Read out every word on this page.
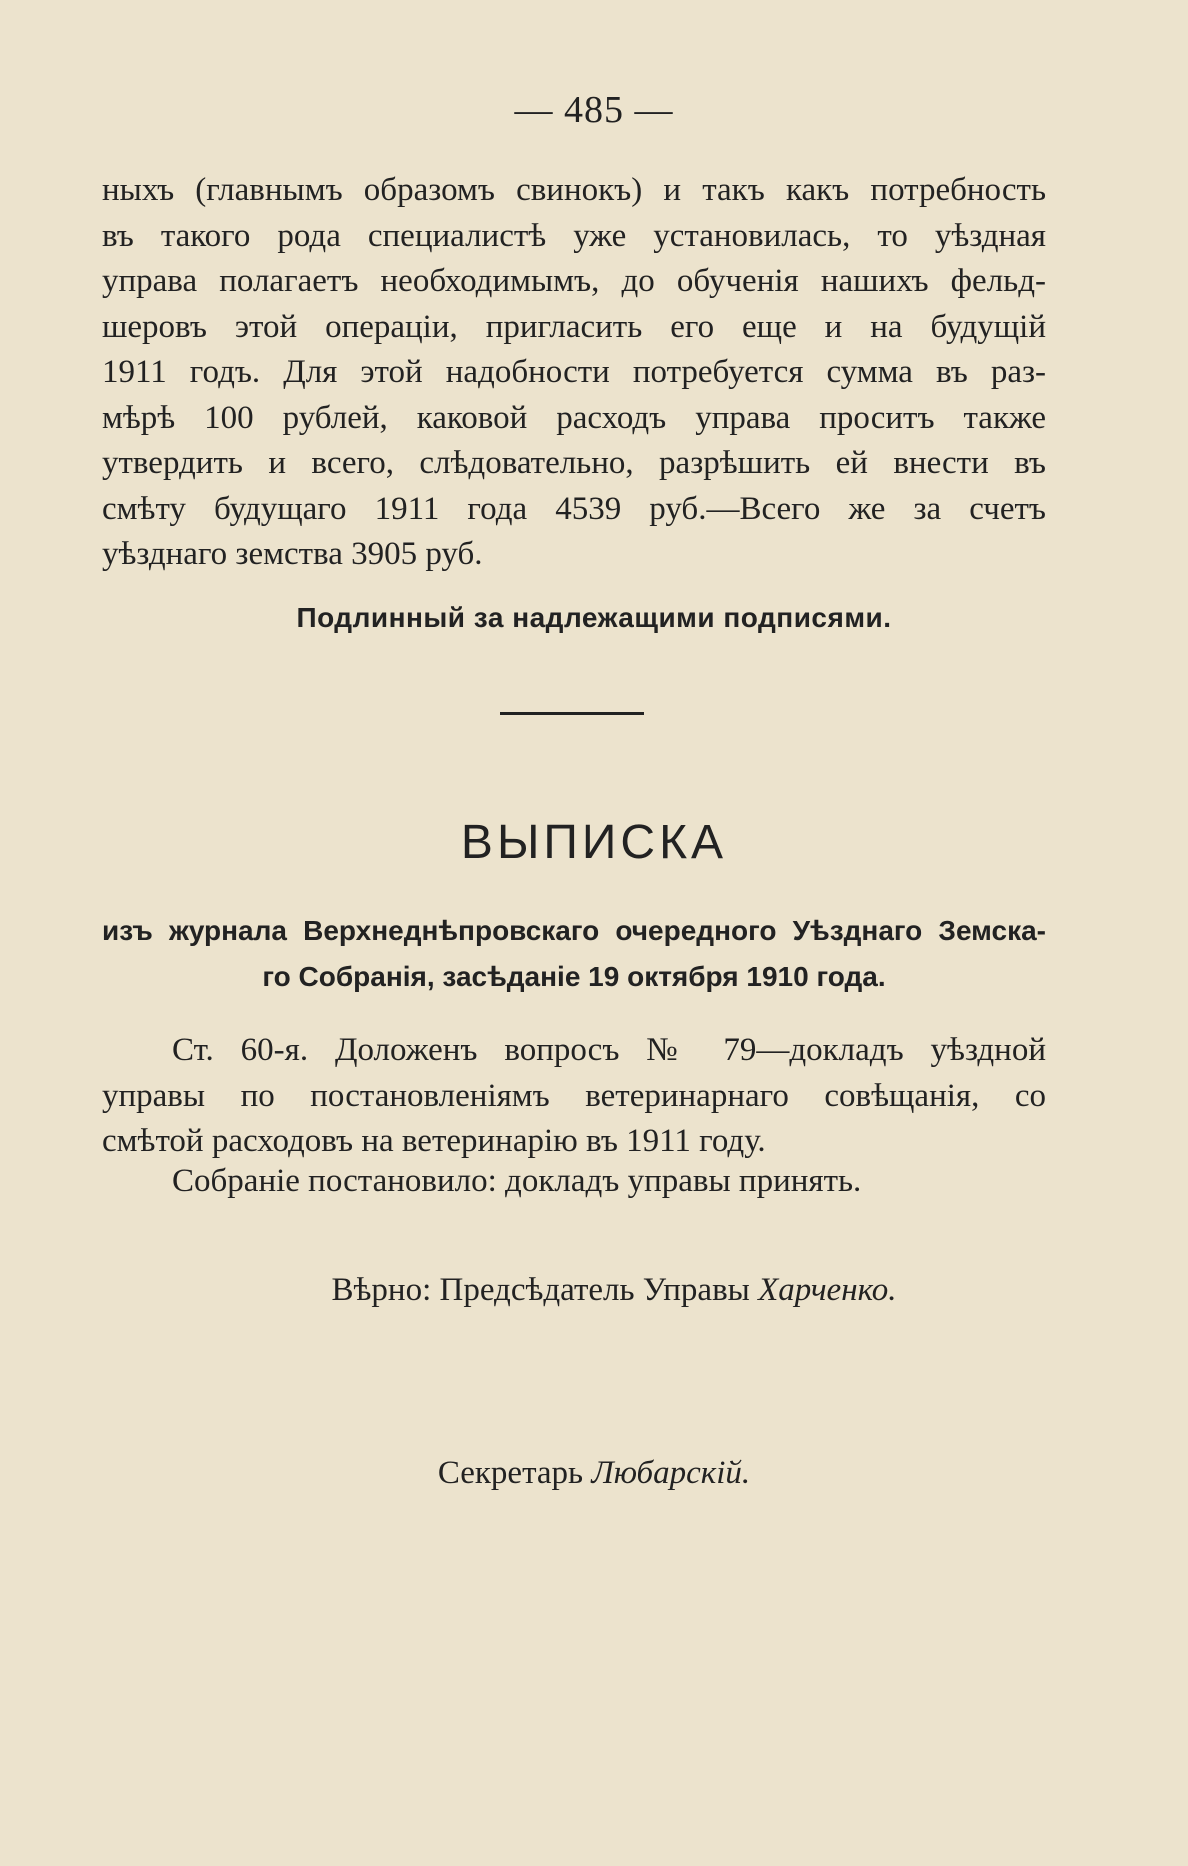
— 485 —
ныхъ (главнымъ образомъ свинокъ) и такъ какъ потребность
въ такого рода специалистѣ уже установилась, то уѣздная
управа полагаетъ необходимымъ, до обученія нашихъ фельд-
шеровъ этой операціи, пригласить его еще и на будущій
1911 годъ. Для этой надобности потребуется сумма въ раз-
мѣрѣ 100 рублей, каковой расходъ управа проситъ также
утвердить и всего, слѣдовательно, разрѣшить ей внести въ
смѣту будущаго 1911 года 4539 руб.—Всего же за счетъ
уѣзднаго земства 3905 руб.
Подлинный за надлежащими подписями.
ВЫПИСКА
изъ журнала Верхнеднѣпровскаго очередного Уѣзднаго Земска-
го Собранія, засѣданіе 19 октября 1910 года.
Ст. 60-я. Доложенъ вопросъ № 79—докладъ уѣздной
управы по постановленіямъ ветеринарнаго совѣщанія, со
смѣтой расходовъ на ветеринарію въ 1911 году.
Собраніе постановило: докладъ управы принять.
Вѣрно: Предсѣдатель Управы Харченко.
Секретарь Любарскій.
